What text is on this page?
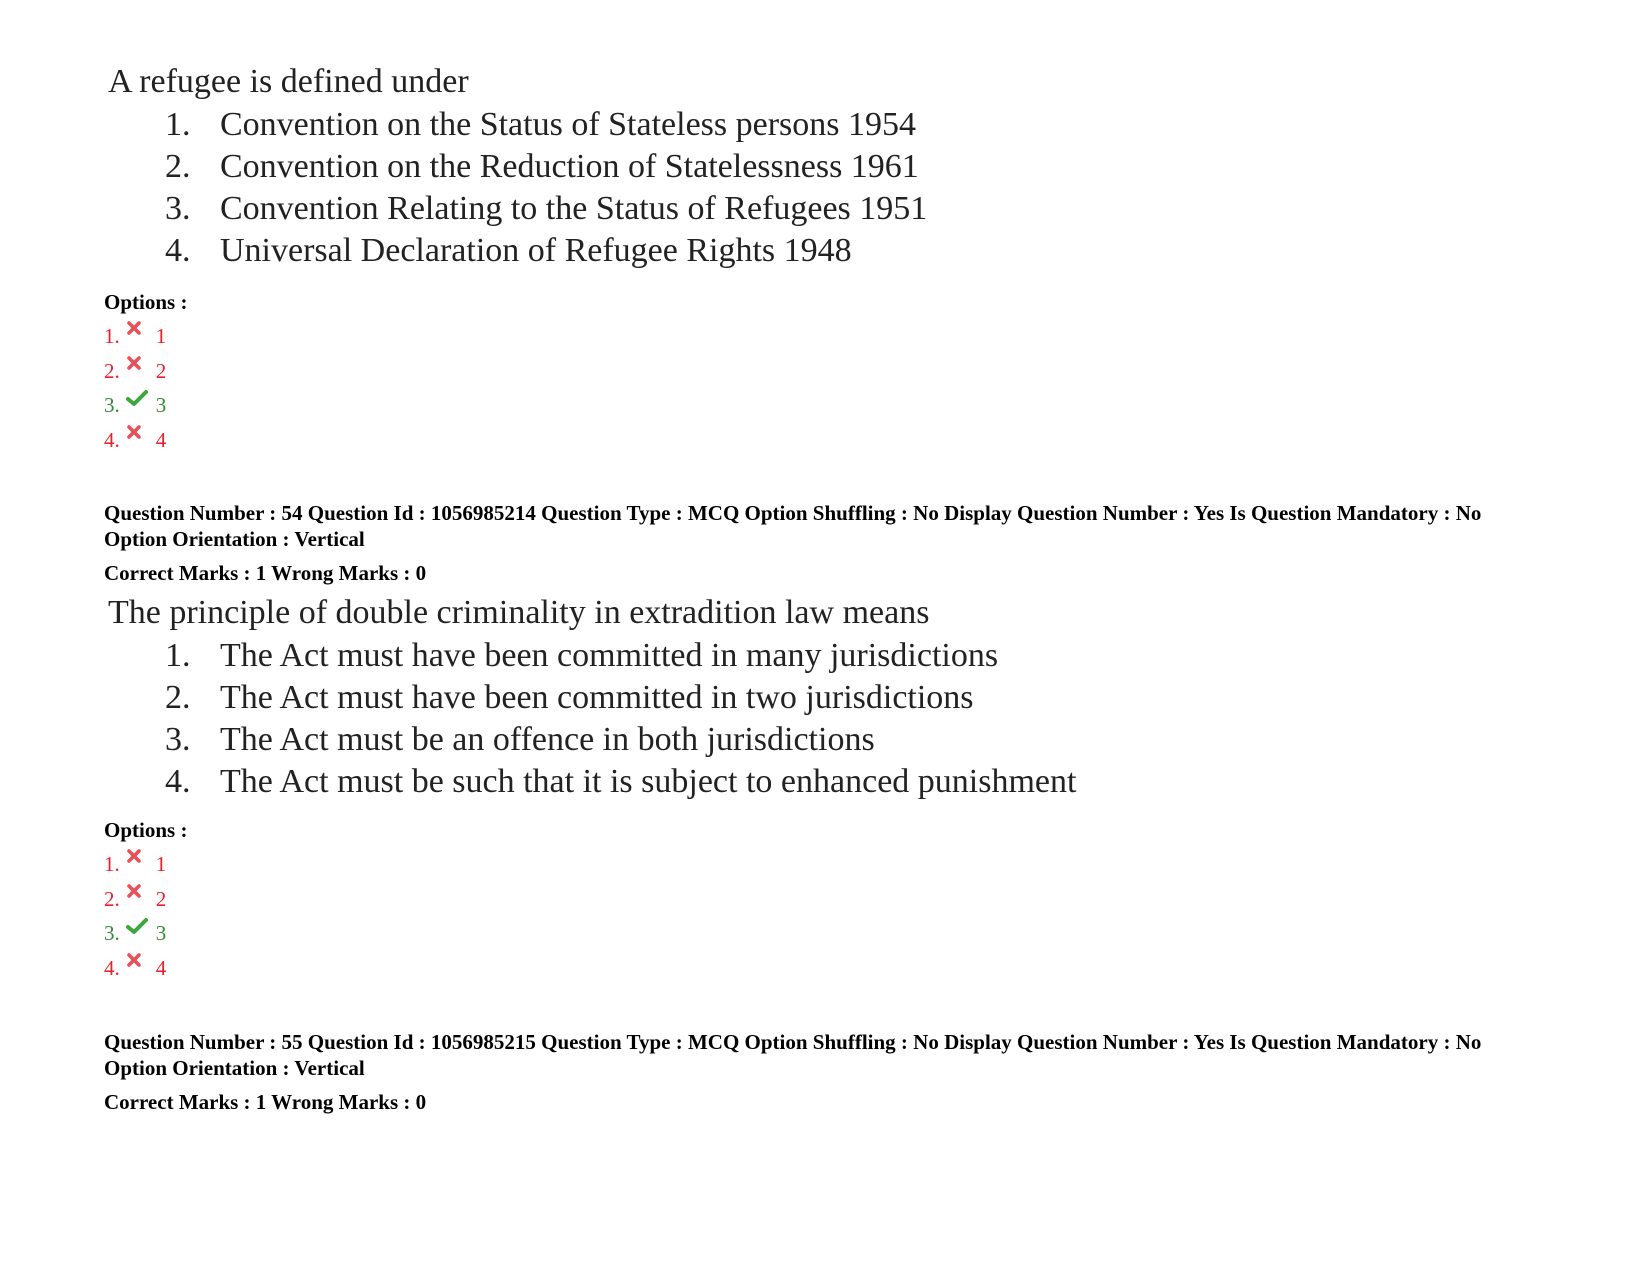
A refugee is defined under
1. Convention on the Status of Stateless persons 1954
2. Convention on the Reduction of Statelessness 1961
3. Convention Relating to the Status of Refugees 1951
4. Universal Declaration of Refugee Rights 1948
Options :
1. 1
2. 2
3. 3
4. 4
Question Number : 54 Question Id : 1056985214 Question Type : MCQ Option Shuffling : No Display Question Number : Yes Is Question Mandatory : No Option Orientation : Vertical
Correct Marks : 1 Wrong Marks : 0
The principle of double criminality in extradition law means
1. The Act must have been committed in many jurisdictions
2. The Act must have been committed in two jurisdictions
3. The Act must be an offence in both jurisdictions
4. The Act must be such that it is subject to enhanced punishment
Options :
1. 1
2. 2
3. 3
4. 4
Question Number : 55 Question Id : 1056985215 Question Type : MCQ Option Shuffling : No Display Question Number : Yes Is Question Mandatory : No Option Orientation : Vertical
Correct Marks : 1 Wrong Marks : 0
